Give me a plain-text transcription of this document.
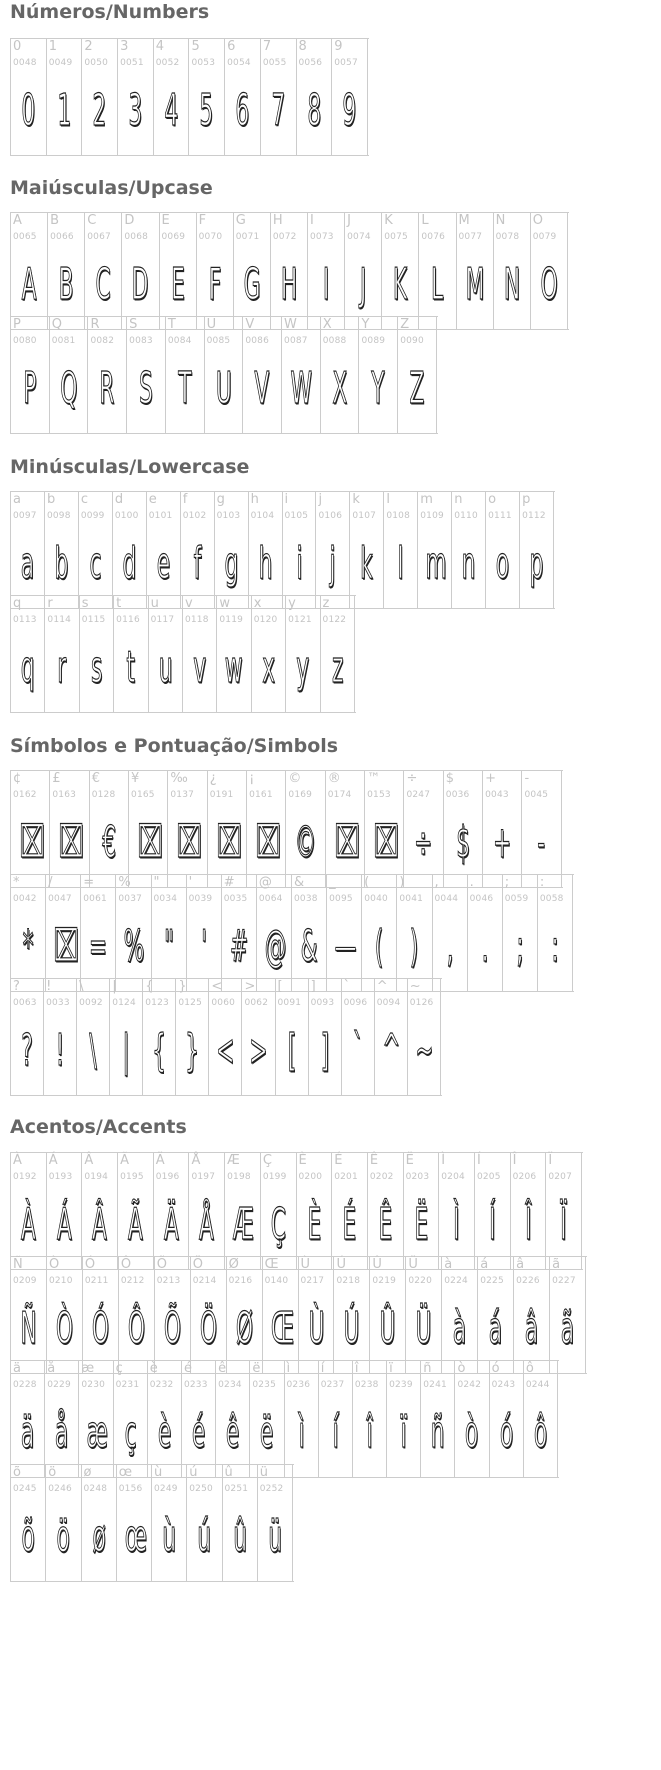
Números/Numbers
0
0048
0
1
0049
1
2
0050
2
3
0051
3
4
0052
4
5
0053
5
6
0054
6
7
0055
7
8
0056
8
9
0057
9
Maiúsculas/Upcase
A
0065
A
B
0066
B
C
0067
C
D
0068
D
E
0069
E
F
0070
F
G
0071
G
H
0072
H
I
0073
I
J
0074
J
K
0075
K
L
0076
L
M
0077
M
N
0078
N
O
0079
O
P
0080
P
Q
0081
Q
R
0082
R
S
0083
S
T
0084
T
U
0085
U
V
0086
V
W
0087
W
X
0088
X
Y
0089
Y
Z
0090
Z
Minúsculas/Lowercase
a
0097
a
b
0098
b
c
0099
c
d
0100
d
e
0101
e
f
0102
f
g
0103
g
h
0104
h
i
0105
i
j
0106
j
k
0107
k
l
0108
l
m
0109
m
n
0110
n
o
0111
o
p
0112
p
q
0113
q
r
0114
r
s
0115
s
t
0116
t
u
0117
u
v
0118
v
w
0119
w
x
0120
x
y
0121
y
z
0122
z
Símbolos e Pontuação/Simbols
¢
0162
⌧
£
0163
⌧
€
0128
€
¥
0165
⌧
‰
0137
⌧
¿
0191
⌧
¡
0161
⌧
©
0169
©
®
0174
⌧
™
0153
⌧
÷
0247
÷
$
0036
$
+
0043
+
-
0045
-
*
0042
*
/
0047
⌧
=
0061
=
%
0037
%
"
0034
"
'
0039
'
#
0035
#
@
0064
@
&
0038
&
_
0095
—
(
0040
(
)
0041
)
,
0044
,
.
0046
.
;
0059
;
:
0058
:
?
0063
?
!
0033
!
\
0092
\
|
0124
|
{
0123
{
}
0125
}
<
0060
<
>
0062
>
[
0091
[
]
0093
]
`
0096
`
^
0094
^
~
0126
~
Acentos/Accents
À
0192
À
Á
0193
Á
Â
0194
Â
Ã
0195
Ã
Ä
0196
Ä
Å
0197
Å
Æ
0198
Æ
Ç
0199
Ç
È
0200
È
É
0201
É
Ê
0202
Ê
Ë
0203
Ë
Ì
0204
Ì
Í
0205
Í
Î
0206
Î
Ï
0207
Ï
Ñ
0209
Ñ
Ò
0210
Ò
Ó
0211
Ó
Ô
0212
Ô
Õ
0213
Õ
Ö
0214
Ö
Ø
0216
Ø
Œ
0140
Œ
Ù
0217
Ù
Ú
0218
Ú
Û
0219
Û
Ü
0220
Ü
à
0224
à
á
0225
á
â
0226
â
ã
0227
ã
ä
0228
ä
å
0229
å
æ
0230
æ
ç
0231
ç
è
0232
è
é
0233
é
ê
0234
ê
ë
0235
ë
ì
0236
ì
í
0237
í
î
0238
î
ï
0239
ï
ñ
0241
ñ
ò
0242
ò
ó
0243
ó
ô
0244
ô
õ
0245
õ
ö
0246
ö
ø
0248
ø
œ
0156
œ
ù
0249
ù
ú
0250
ú
û
0251
û
ü
0252
ü
